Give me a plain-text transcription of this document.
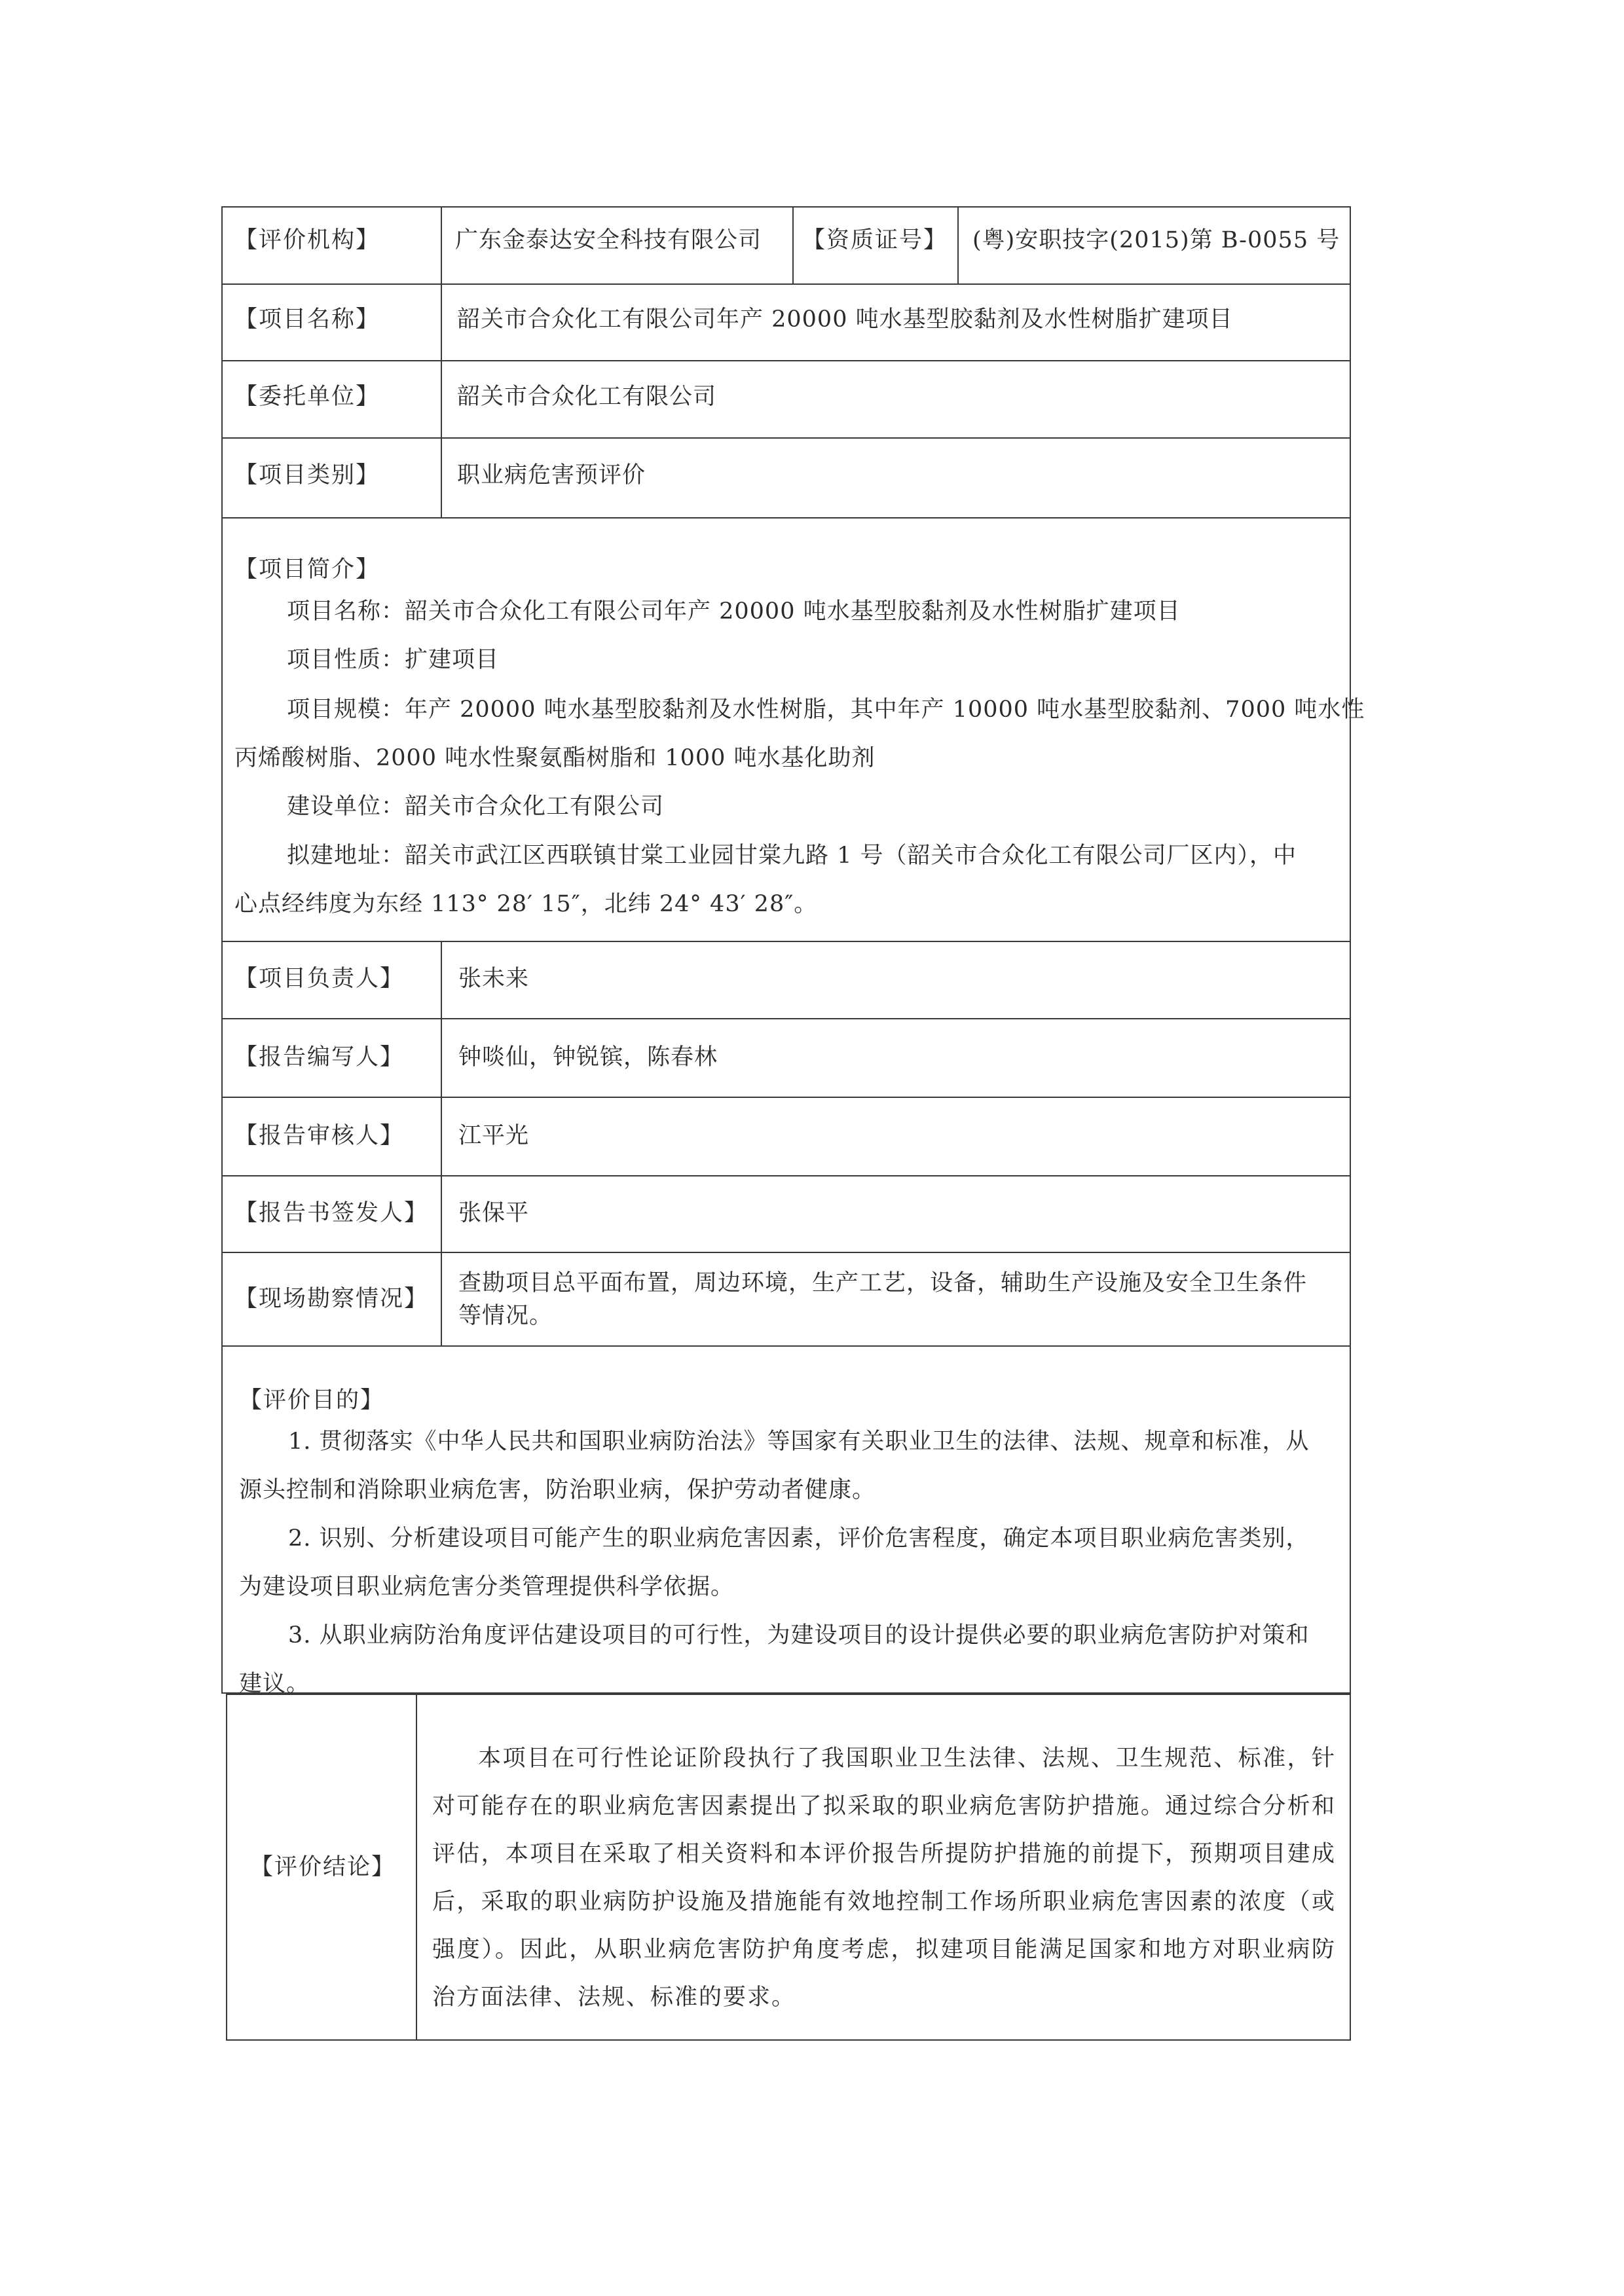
【评价机构】	广东金泰达安全科技有限公司 【资质证号】 (粤)安职技字(2015)第 B-0055 号
【项目名称】	韶关市合众化工有限公司年产 20000 吨水基型胶黏剂及水性树脂扩建项目
【委托单位】	韶关市合众化工有限公司
【项目类别】	职业病危害预评价
【项目简介】
项目名称：韶关市合众化工有限公司年产 20000 吨水基型胶黏剂及水性树脂扩建项目
项目性质：扩建项目
项目规模：年产 20000 吨水基型胶黏剂及水性树脂，其中年产 10000 吨水基型胶黏剂、7000 吨水性
丙烯酸树脂、2000 吨水性聚氨酯树脂和 1000 吨水基化助剂
建设单位：韶关市合众化工有限公司
拟建地址：韶关市武江区西联镇甘棠工业园甘棠九路 1 号（韶关市合众化工有限公司厂区内），中
心点经纬度为东经 113° 28′ 15″，北纬 24° 43′ 28″。
【项目负责人】 张未来
【报告编写人】 钟啖仙，钟锐镔，陈春林
【报告审核人】 江平光
【报告书签发人】 张保平
【现场勘察情况】
查勘项目总平面布置，周边环境，生产工艺，设备，辅助生产设施及安全卫生条件
等情况。
【评价目的】
1. 贯彻落实《中华人民共和国职业病防治法》等国家有关职业卫生的法律、法规、规章和标准，从
源头控制和消除职业病危害，防治职业病，保护劳动者健康。
2. 识别、分析建设项目可能产生的职业病危害因素，评价危害程度，确定本项目职业病危害类别，
为建设项目职业病危害分类管理提供科学依据。
3. 从职业病防治角度评估建设项目的可行性，为建设项目的设计提供必要的职业病危害防护对策和
建议。
【评价结论】
本项目在可行性论证阶段执行了我国职业卫生法律、法规、卫生规范、标准，针对可能存在的职业病危害因素提出了拟采取的职业病危害防护措施。通过综合分析和评估，本项目在采取了相关资料和本评价报告所提防护措施的前提下，预期项目建成后，采取的职业病防护设施及措施能有效地控制工作场所职业病危害因素的浓度（或强度）。因此，从职业病危害防护角度考虑，拟建项目能满足国家和地方对职业病防治方面法律、法规、标准的要求。
